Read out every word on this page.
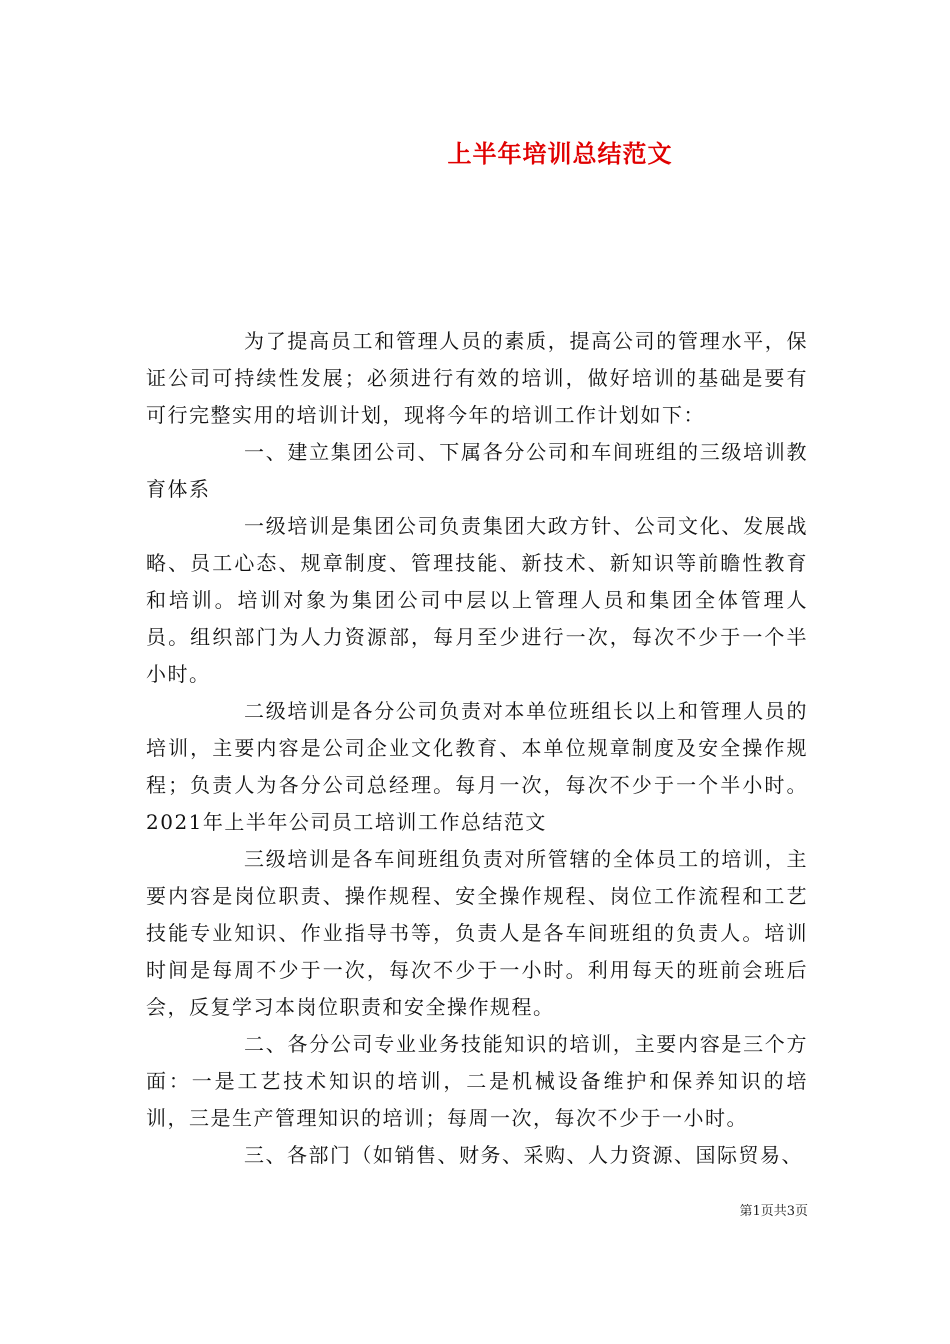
上半年培训总结范文

为了提高员工和管理人员的素质，提高公司的管理水平，保证公司可持续性发展；必须进行有效的培训，做好培训的基础是要有可行完整实用的培训计划，现将今年的培训工作计划如下：

一、建立集团公司、下属各分公司和车间班组的三级培训教育体系

一级培训是集团公司负责集团大政方针、公司文化、发展战略、员工心态、规章制度、管理技能、新技术、新知识等前瞻性教育和培训。培训对象为集团公司中层以上管理人员和集团全体管理人员。组织部门为人力资源部，每月至少进行一次，每次不少于一个半小时。

二级培训是各分公司负责对本单位班组长以上和管理人员的培训，主要内容是公司企业文化教育、本单位规章制度及安全操作规程；负责人为各分公司总经理。每月一次，每次不少于一个半小时。2021年上半年公司员工培训工作总结范文

三级培训是各车间班组负责对所管辖的全体员工的培训，主要内容是岗位职责、操作规程、安全操作规程、岗位工作流程和工艺技能专业知识、作业指导书等，负责人是各车间班组的负责人。培训时间是每周不少于一次，每次不少于一小时。利用每天的班前会班后会，反复学习本岗位职责和安全操作规程。

二、各分公司专业业务技能知识的培训，主要内容是三个方面：一是工艺技术知识的培训，二是机械设备维护和保养知识的培训，三是生产管理知识的培训；每周一次，每次不少于一小时。

三、各部门（如销售、财务、采购、人力资源、国际贸易、

第1页共3页
